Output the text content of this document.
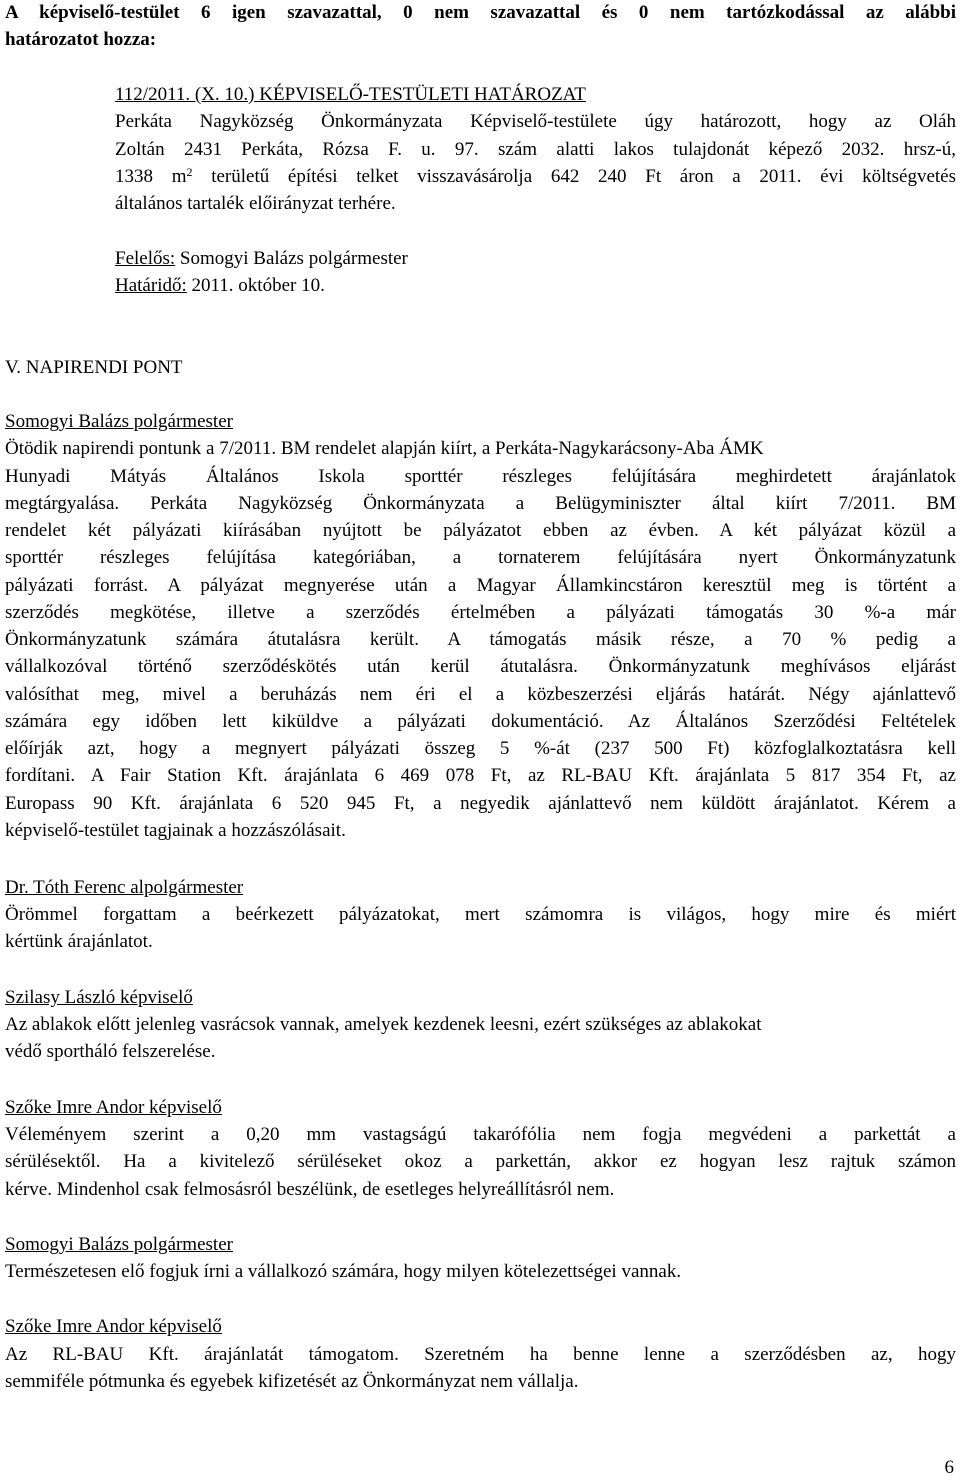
A képviselő-testület 6 igen szavazattal, 0 nem szavazattal és 0 nem tartózkodással az alábbi
határozatot hozza:
112/2011. (X. 10.) KÉPVISELŐ-TESTÜLETI HATÁROZAT
Perkáta Nagyközség Önkormányzata Képviselő-testülete úgy határozott, hogy az Oláh
Zoltán 2431 Perkáta, Rózsa F. u. 97. szám alatti lakos tulajdonát képező 2032. hrsz-ú,
1338 $m^2$ területű építési telket visszavásárolja 642 240 Ft áron a 2011. évi költségvetés
általános tartalék előirányzat terhére.
Felelős: Somogyi Balázs polgármester
Határidő: 2011. október 10.
V. NAPIRENDI PONT
Somogyi Balázs polgármester
Ötödik napirendi pontunk a 7/2011. BM rendelet alapján kiírt, a Perkáta-Nagykarácsony-Aba ÁMK
Hunyadi Mátyás Általános Iskola sporttér részleges felújítására meghirdetett árajánlatok
megtárgyalása. Perkáta Nagyközség Önkormányzata a Belügyminiszter által kiírt 7/2011. BM
rendelet két pályázati kiírásában nyújtott be pályázatot ebben az évben. A két pályázat közül a
sporttér részleges felújítása kategóriában, a tornaterem felújítására nyert Önkormányzatunk
pályázati forrást. A pályázat megnyerése után a Magyar Államkincstáron keresztül meg is történt a
szerződés megkötése, illetve a szerződés értelmében a pályázati támogatás 30 %-a már
Önkormányzatunk számára átutalásra került. A támogatás másik része, a 70 % pedig a
vállalkozóval történő szerződéskötés után kerül átutalásra. Önkormányzatunk meghívásos eljárást
valósíthat meg, mivel a beruházás nem éri el a közbeszerzési eljárás határát. Négy ajánlattevő
számára egy időben lett kiküldve a pályázati dokumentáció. Az Általános Szerződési Feltételek
előírják azt, hogy a megnyert pályázati összeg 5 %-át (237 500 Ft) közfoglalkoztatásra kell
fordítani. A Fair Station Kft. árajánlata 6 469 078 Ft, az RL-BAU Kft. árajánlata 5 817 354 Ft, az
Europass 90 Kft. árajánlata 6 520 945 Ft, a negyedik ajánlattevő nem küldött árajánlatot. Kérem a
képviselő-testület tagjainak a hozzászólásait.
Dr. Tóth Ferenc alpolgármester
Örömmel forgattam a beérkezett pályázatokat, mert számomra is világos, hogy mire és miért
kértünk árajánlatot.
Szilasy László képviselő
Az ablakok előtt jelenleg vasrácsok vannak, amelyek kezdenek leesni, ezért szükséges az ablakokat
védő sportháló felszerelése.
Szőke Imre Andor képviselő
Véleményem szerint a 0,20 mm vastagságú takarófólia nem fogja megvédeni a parkettát a
sérülésektől. Ha a kivitelező sérüléseket okoz a parkettán, akkor ez hogyan lesz rajtuk számon
kérve. Mindenhol csak felmosásról beszélünk, de esetleges helyreállításról nem.
Somogyi Balázs polgármester
Természetesen elő fogjuk írni a vállalkozó számára, hogy milyen kötelezettségei vannak.
Szőke Imre Andor képviselő
Az RL-BAU Kft. árajánlatát támogatom. Szeretném ha benne lenne a szerződésben az, hogy
semmiféle pótmunka és egyebek kifizetését az Önkormányzat nem vállalja.
6
